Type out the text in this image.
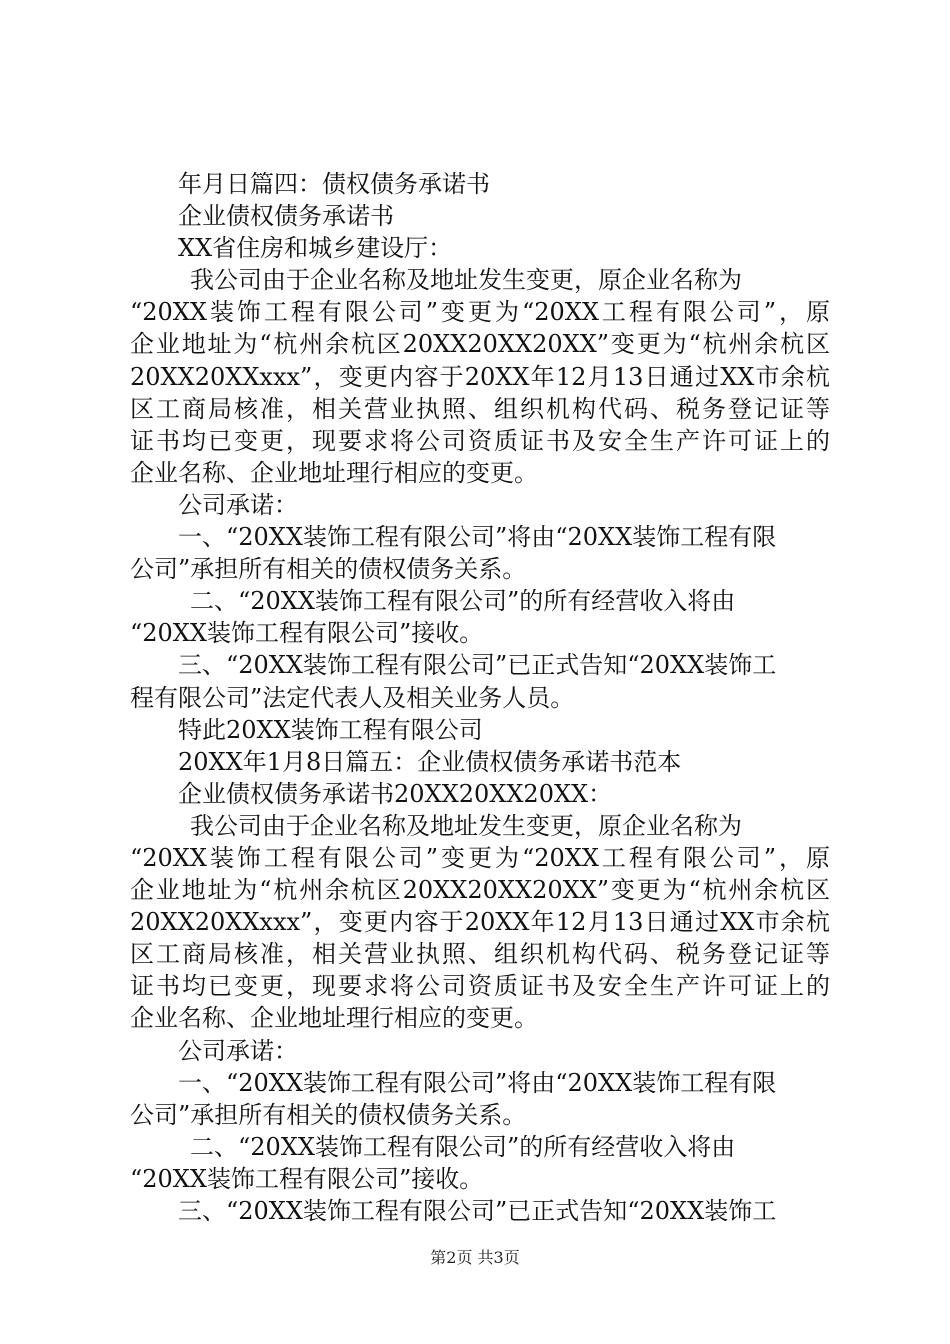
年月日篇四：债权债务承诺书
企业债权债务承诺书
XX省住房和城乡建设厅：
我公司由于企业名称及地址发生变更，原企业名称为
“20XX装饰工程有限公司”变更为“20XX工程有限公司”，原
企业地址为“杭州余杭区20XX20XX20XX”变更为“杭州余杭区
20XX20XXxxx”，变更内容于20XX年12月13日通过XX市余杭
区工商局核准，相关营业执照、组织机构代码、税务登记证等
证书均已变更，现要求将公司资质证书及安全生产许可证上的
企业名称、企业地址理行相应的变更。
公司承诺：
一、“20XX装饰工程有限公司”将由“20XX装饰工程有限
公司”承担所有相关的债权债务关系。
二、“20XX装饰工程有限公司”的所有经营收入将由
“20XX装饰工程有限公司”接收。
三、“20XX装饰工程有限公司”已正式告知“20XX装饰工
程有限公司”法定代表人及相关业务人员。
特此20XX装饰工程有限公司
20XX年1月8日篇五：企业债权债务承诺书范本
企业债权债务承诺书20XX20XX20XX：
我公司由于企业名称及地址发生变更，原企业名称为
“20XX装饰工程有限公司”变更为“20XX工程有限公司”，原
企业地址为“杭州余杭区20XX20XX20XX”变更为“杭州余杭区
20XX20XXxxx”，变更内容于20XX年12月13日通过XX市余杭
区工商局核准，相关营业执照、组织机构代码、税务登记证等
证书均已变更，现要求将公司资质证书及安全生产许可证上的
企业名称、企业地址理行相应的变更。
公司承诺：
一、“20XX装饰工程有限公司”将由“20XX装饰工程有限
公司”承担所有相关的债权债务关系。
二、“20XX装饰工程有限公司”的所有经营收入将由
“20XX装饰工程有限公司”接收。
三、“20XX装饰工程有限公司”已正式告知“20XX装饰工
第2页 共3页
